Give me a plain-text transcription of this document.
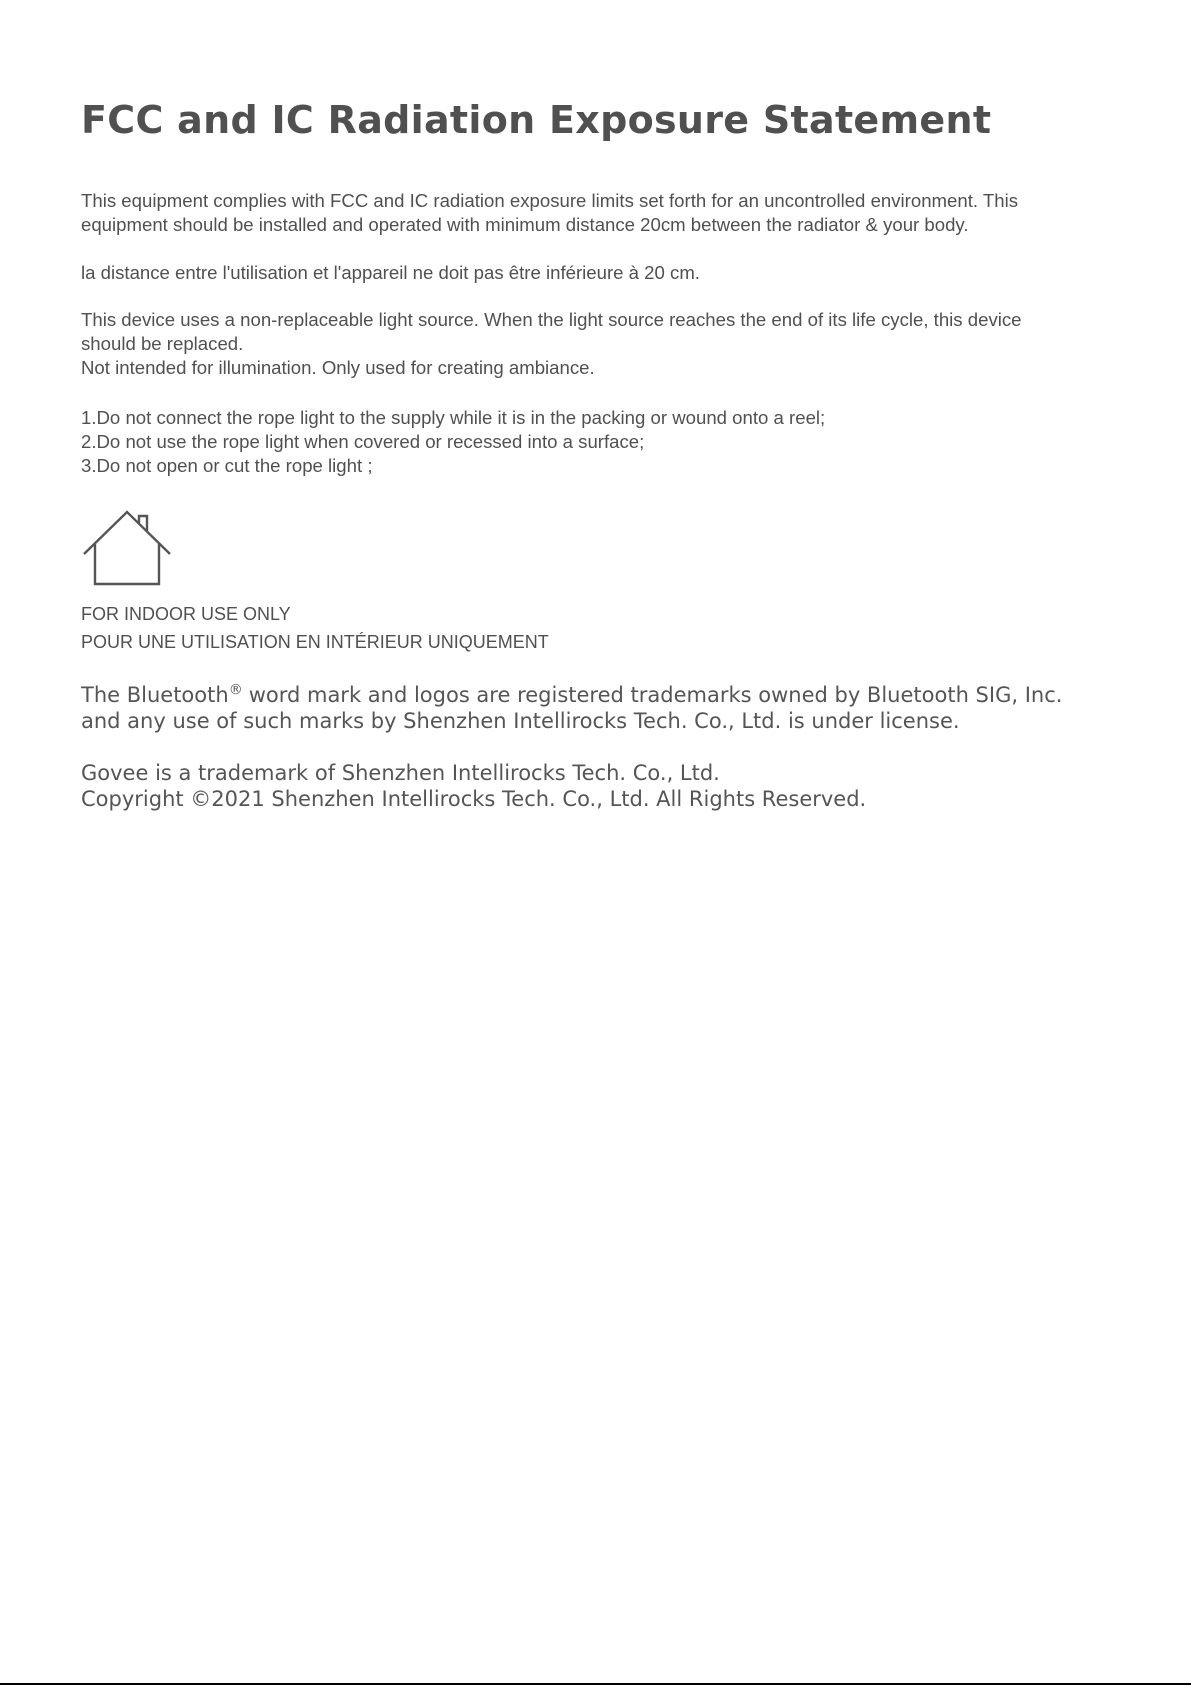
FCC and IC Radiation Exposure Statement

This equipment complies with FCC and IC radiation exposure limits set forth for an uncontrolled environment. This
equipment should be installed and operated with minimum distance 20cm between the radiator & your body.

la distance entre l'utilisation et l'appareil ne doit pas être inférieure à 20 cm.

This device uses a non-replaceable light source. When the light source reaches the end of its life cycle, this device
should be replaced.
Not intended for illumination. Only used for creating ambiance.

1.Do not connect the rope light to the supply while it is in the packing or wound onto a reel;
2.Do not use the rope light when covered or recessed into a surface;
3.Do not open or cut the rope light ;

FOR INDOOR USE ONLY
POUR UNE UTILISATION EN INTÉRIEUR UNIQUEMENT

The Bluetooth® word mark and logos are registered trademarks owned by Bluetooth SIG, Inc.
and any use of such marks by Shenzhen Intellirocks Tech. Co., Ltd. is under license.

Govee is a trademark of Shenzhen Intellirocks Tech. Co., Ltd.
Copyright ©2021 Shenzhen Intellirocks Tech. Co., Ltd. All Rights Reserved.
